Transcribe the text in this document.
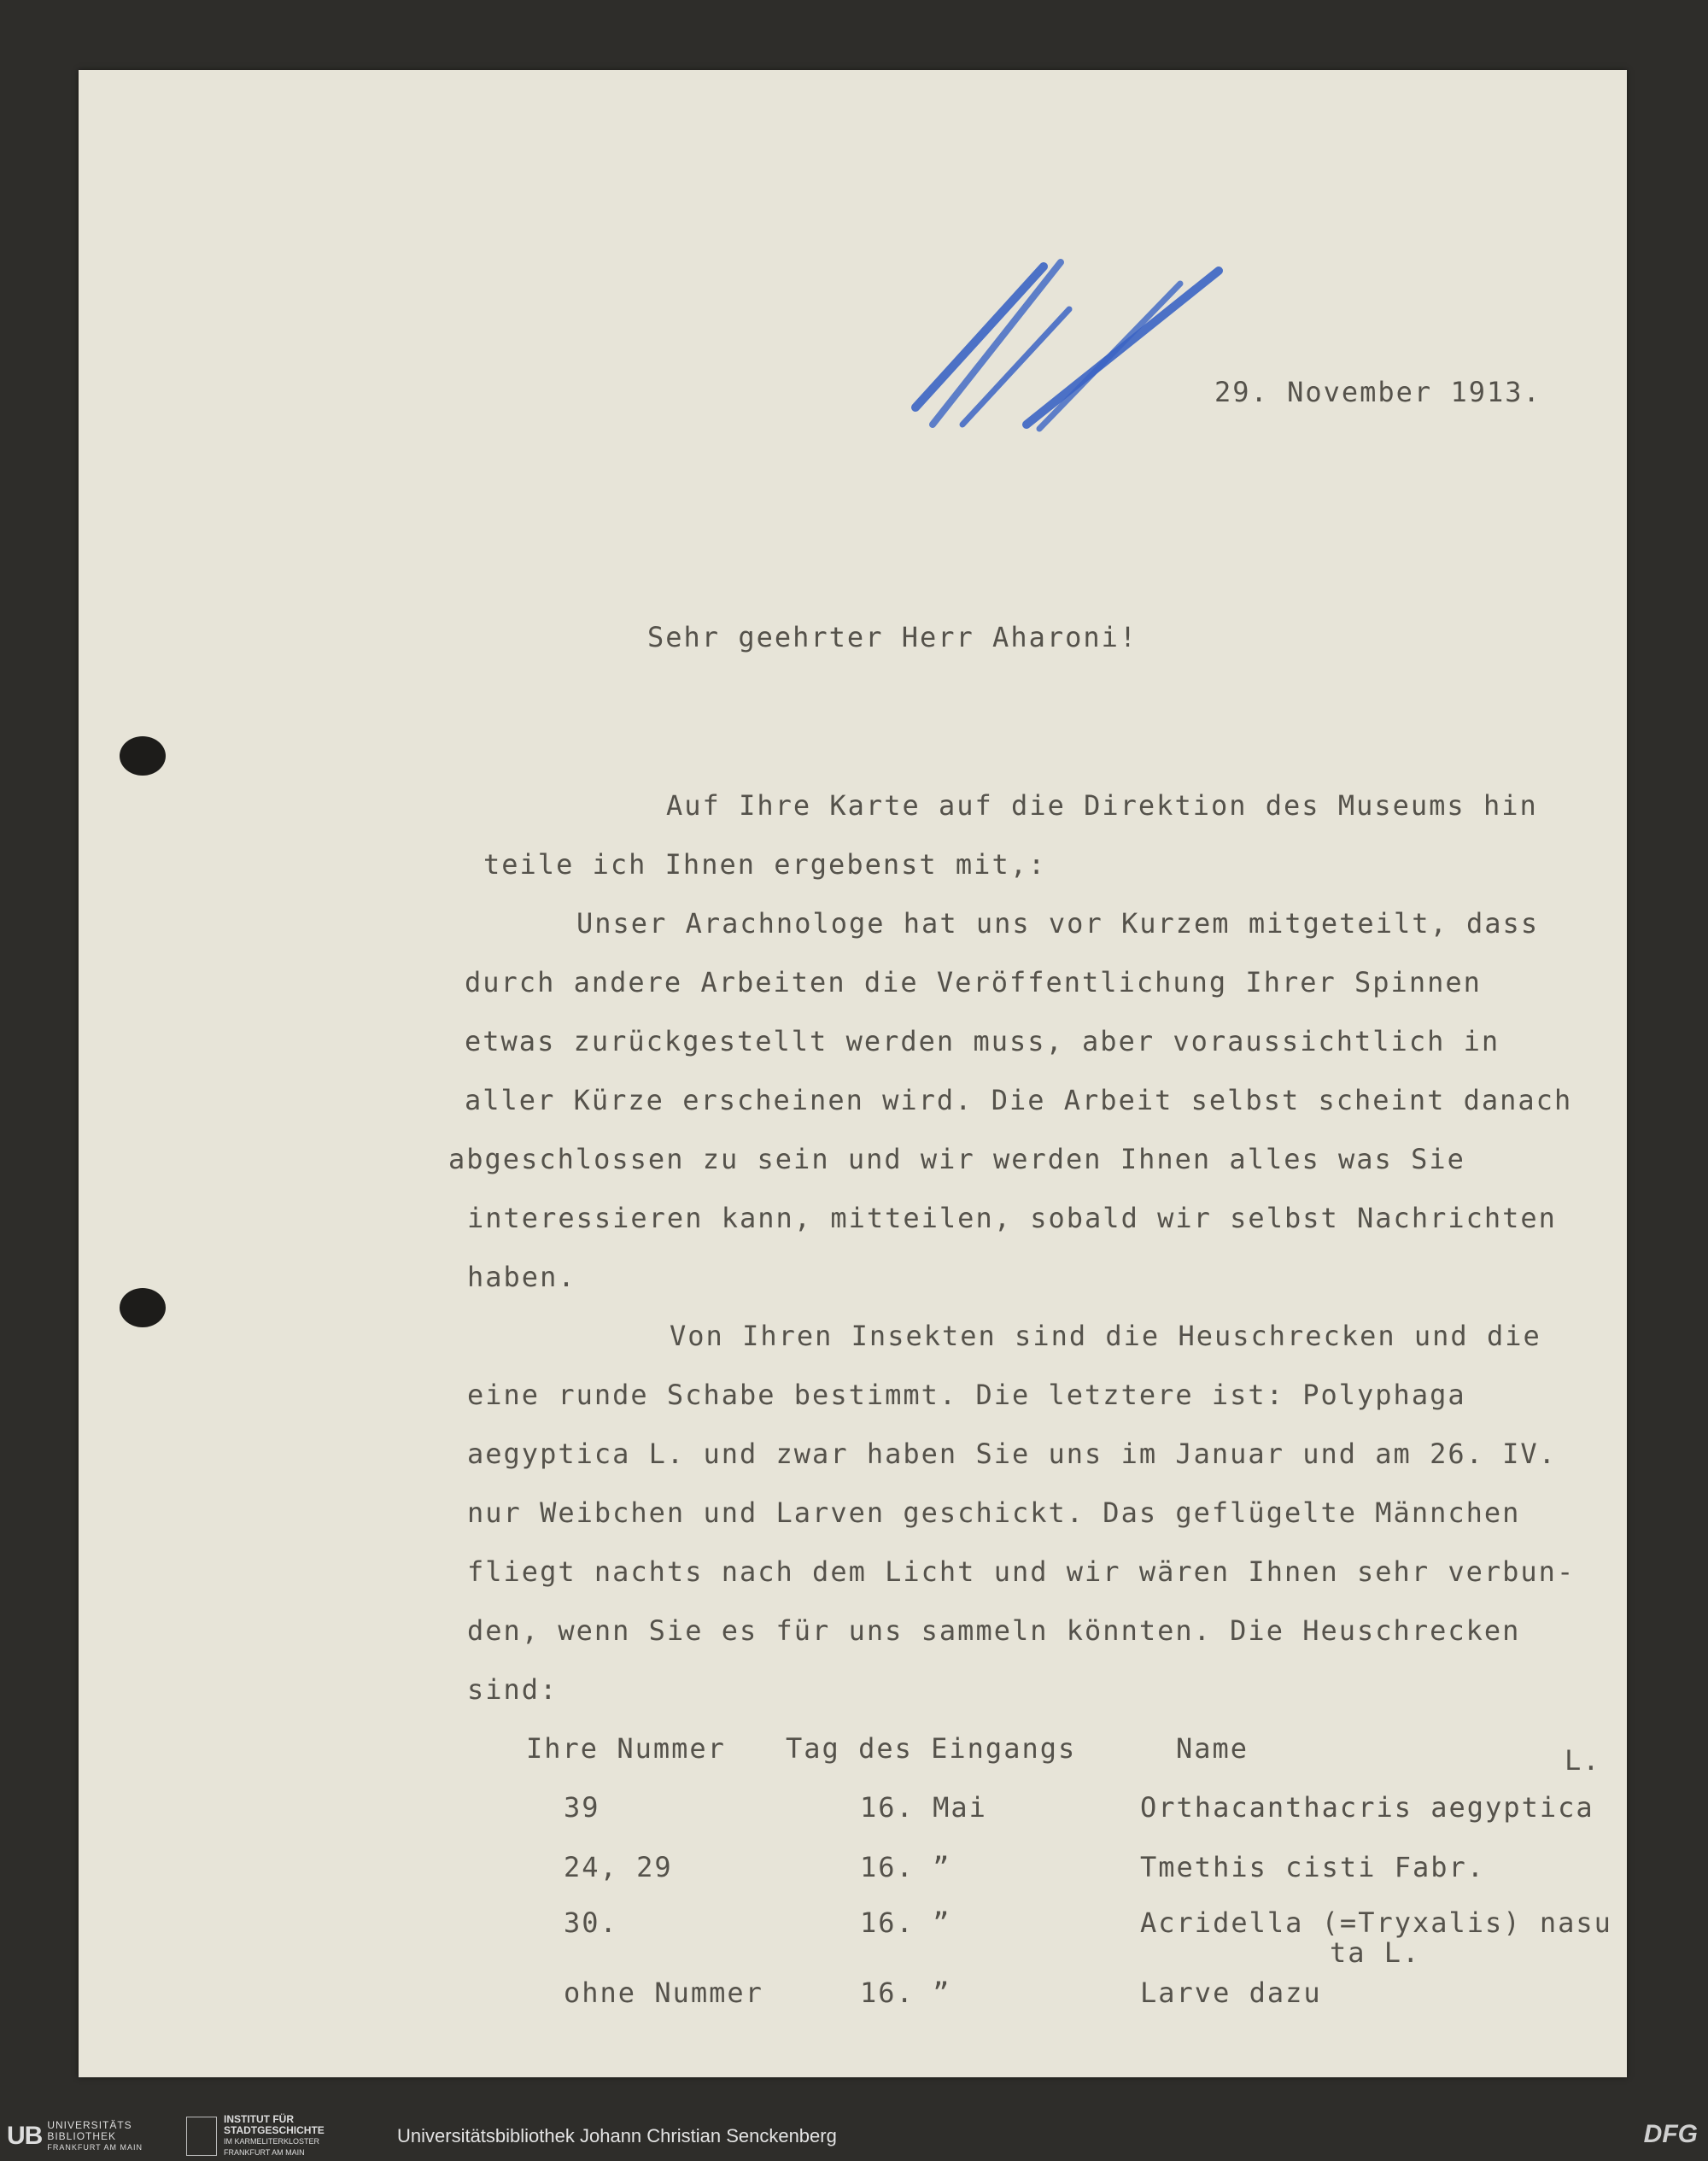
29. November 1913.
Sehr geehrter Herr Aharoni!
Auf Ihre Karte auf die Direktion des Museums hin
teile ich Ihnen ergebenst mit,:
Unser Arachnologe hat uns vor Kurzem mitgeteilt, dass
durch andere Arbeiten die Veröffentlichung Ihrer Spinnen
etwas zurückgestellt werden muss, aber voraussichtlich in
aller Kürze erscheinen wird. Die Arbeit selbst scheint danach
abgeschlossen zu sein und wir werden Ihnen alles was Sie
interessieren kann, mitteilen, sobald wir selbst Nachrichten
haben.
Von Ihren Insekten sind die Heuschrecken und die
eine runde Schabe bestimmt. Die letztere ist: Polyphaga
aegyptica L. und zwar haben Sie uns im Januar und am 26. IV.
nur Weibchen und Larven geschickt. Das geflügelte Männchen
fliegt nachts nach dem Licht und wir wären Ihnen sehr verbun-
den, wenn Sie es für uns sammeln könnten. Die Heuschrecken
sind:
Ihre Nummer Tag des Eingangs	Name	L.
39	16. Mai	Orthacanthacris aegyptica
24, 29	16. ”	Tmethis cisti Fabr.
30.	16. ”	Acridella (=Tryxalis) nasu
ta L.
ohne Nummer	16. ”	Larve dazu
UB UNIVERSITÄTS
BIBLIOTHEK
FRANKFURT AM MAIN
INSTITUT FÜR
STADTGESCHICHTE
IM KARMELITERKLOSTER
FRANKFURT AM MAIN
Universitätsbibliothek Johann Christian Senckenberg	DFG
